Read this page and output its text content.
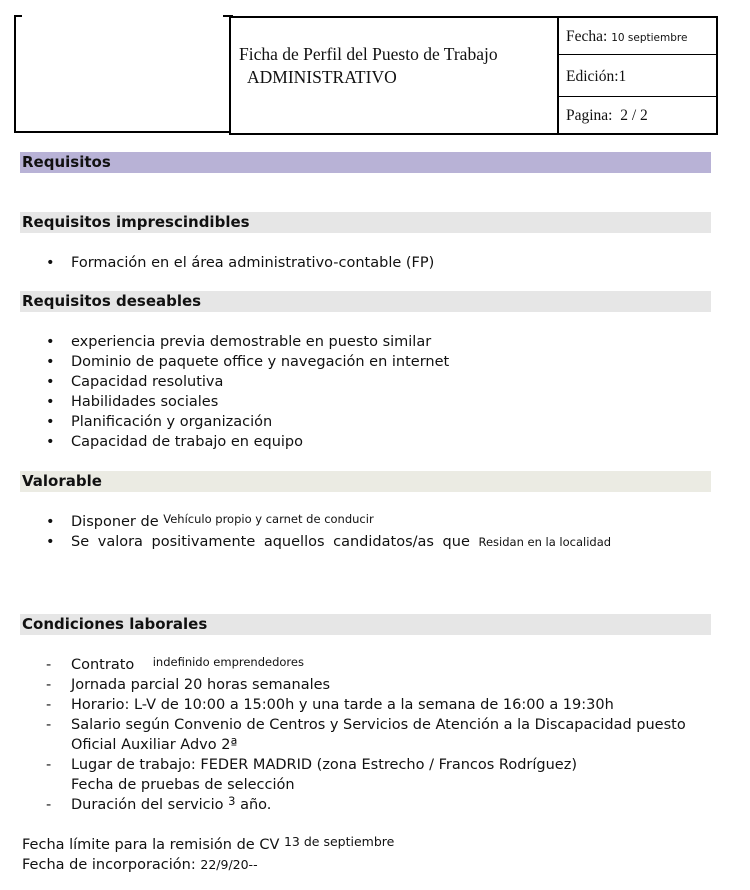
Ficha de Perfil del Puesto de Trabajo
ADMINISTRATIVO
Fecha: 10 septiembre
Edición:1
Pagina: 2 / 2
Requisitos
Requisitos imprescindibles
• Formación en el área administrativo-contable (FP)
Requisitos deseables
• experiencia previa demostrable en puesto similar
• Dominio de paquete office y navegación en internet
• Capacidad resolutiva
• Habilidades sociales
• Planificación y organización
• Capacidad de trabajo en equipo
Valorable
• Disponer de $^{Vehículo propio y carnet de conducir}$
• Se valora positivamente aquellos candidatos/as que Residan en la localidad
Condiciones laborales
- Contrato $^{indefinido emprendedores}$
- Jornada parcial 20 horas semanales
- Horario: L-V de 10:00 a 15:00h y una tarde a la semana de 16:00 a 19:30h
- Salario según Convenio de Centros y Servicios de Atención a la Discapacidad puesto
Oficial Auxiliar Advo 2ª
- Lugar de trabajo: FEDER MADRID (zona Estrecho / Francos Rodríguez)
Fecha de pruebas de selección
- Duración del servicio $^3$ año.
Fecha límite para la remisión de CV 13 de septiembre
Fecha de incorporación: 22/9/20--
